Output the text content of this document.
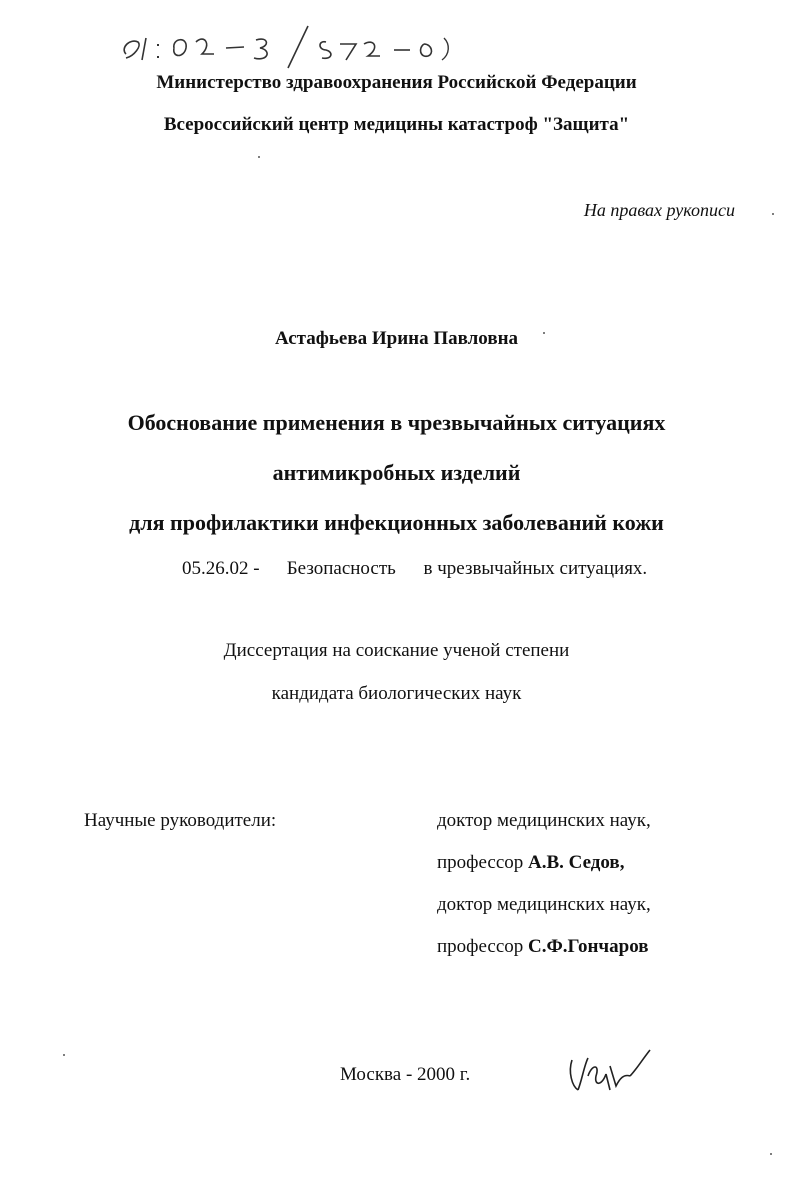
Министерство здравоохранения Российской Федерации
Всероссийский центр медицины катастроф "Защита"
На правах рукописи
Астафьева Ирина Павловна
Обоснование применения в чрезвычайных ситуациях
антимикробных изделий
для профилактики инфекционных заболеваний кожи
05.26.02 - Безопасность в чрезвычайных ситуациях.
Диссертация на соискание ученой степени
кандидата биологических наук
Научные руководители:	доктор медицинских наук,
профессор А.В. Седов,
доктор медицинских наук,
профессор С.Ф.Гончаров
Москва - 2000 г.
